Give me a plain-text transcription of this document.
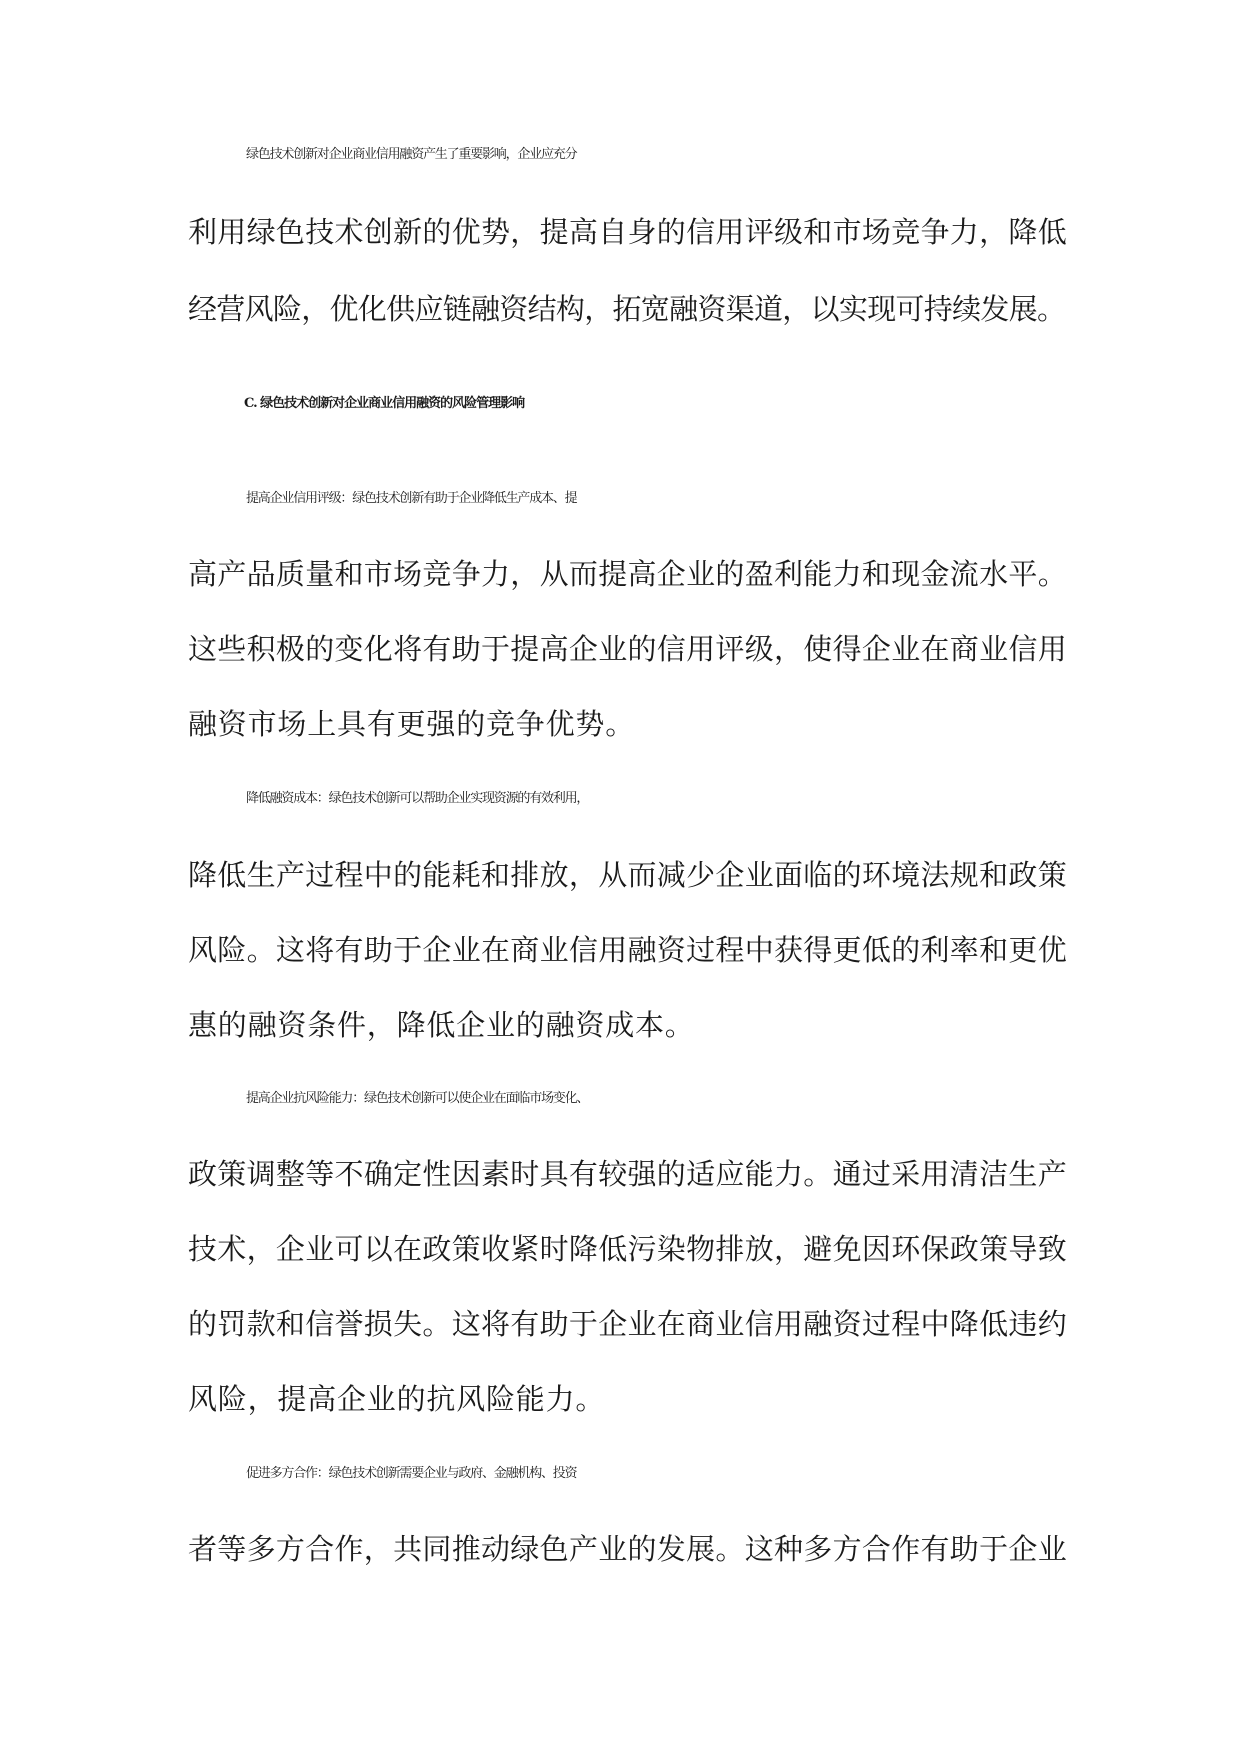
绿色技术创新对企业商业信用融资产生了重要影响，企业应充分
利用绿色技术创新的优势，提高自身的信用评级和市场竞争力，降低
经营风险，优化供应链融资结构，拓宽融资渠道，以实现可持续发展。
C. 绿色技术创新对企业商业信用融资的风险管理影响
提高企业信用评级：绿色技术创新有助于企业降低生产成本、提
高产品质量和市场竞争力，从而提高企业的盈利能力和现金流水平。
这些积极的变化将有助于提高企业的信用评级，使得企业在商业信用
融资市场上具有更强的竞争优势。
降低融资成本：绿色技术创新可以帮助企业实现资源的有效利用，
降低生产过程中的能耗和排放，从而减少企业面临的环境法规和政策
风险。这将有助于企业在商业信用融资过程中获得更低的利率和更优
惠的融资条件，降低企业的融资成本。
提高企业抗风险能力：绿色技术创新可以使企业在面临市场变化、
政策调整等不确定性因素时具有较强的适应能力。通过采用清洁生产
技术，企业可以在政策收紧时降低污染物排放，避免因环保政策导致
的罚款和信誉损失。这将有助于企业在商业信用融资过程中降低违约
风险，提高企业的抗风险能力。
促进多方合作：绿色技术创新需要企业与政府、金融机构、投资
者等多方合作，共同推动绿色产业的发展。这种多方合作有助于企业
